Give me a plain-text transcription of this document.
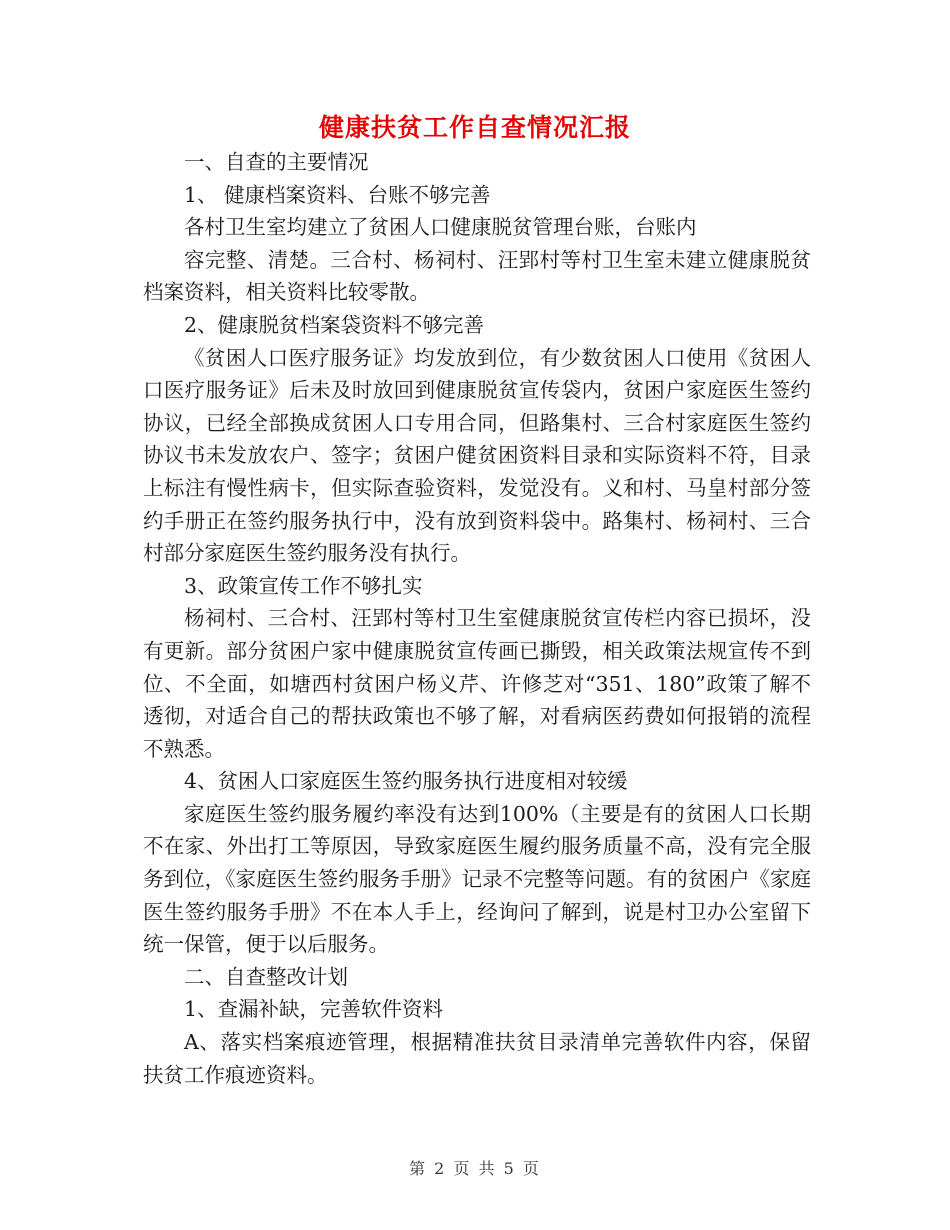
健康扶贫工作自查情况汇报

一、自查的主要情况

1、 健康档案资料、台账不够完善

各村卫生室均建立了贫困人口健康脱贫管理台账，台账内

容完整、清楚。三合村、杨祠村、汪郢村等村卫生室未建立健康脱贫档案资料，相关资料比较零散。

2、健康脱贫档案袋资料不够完善

《贫困人口医疗服务证》均发放到位，有少数贫困人口使用《贫困人口医疗服务证》后未及时放回到健康脱贫宣传袋内，贫困户家庭医生签约协议，已经全部换成贫困人口专用合同，但路集村、三合村家庭医生签约协议书未发放农户、签字；贫困户健贫困资料目录和实际资料不符，目录上标注有慢性病卡，但实际查验资料，发觉没有。义和村、马皇村部分签约手册正在签约服务执行中，没有放到资料袋中。路集村、杨祠村、三合村部分家庭医生签约服务没有执行。

3、政策宣传工作不够扎实

杨祠村、三合村、汪郢村等村卫生室健康脱贫宣传栏内容已损坏，没有更新。部分贫困户家中健康脱贫宣传画已撕毁，相关政策法规宣传不到位、不全面，如塘西村贫困户杨义芹、许修芝对“351、180”政策了解不透彻，对适合自己的帮扶政策也不够了解，对看病医药费如何报销的流程不熟悉。

4、贫困人口家庭医生签约服务执行进度相对较缓

家庭医生签约服务履约率没有达到100%（主要是有的贫困人口长期不在家、外出打工等原因，导致家庭医生履约服务质量不高，没有完全服务到位，《家庭医生签约服务手册》记录不完整等问题。有的贫困户《家庭医生签约服务手册》不在本人手上，经询问了解到，说是村卫办公室留下统一保管，便于以后服务。

二、自查整改计划

1、查漏补缺，完善软件资料

A、落实档案痕迹管理，根据精准扶贫目录清单完善软件内容，保留扶贫工作痕迹资料。

第 2 页 共 5 页
